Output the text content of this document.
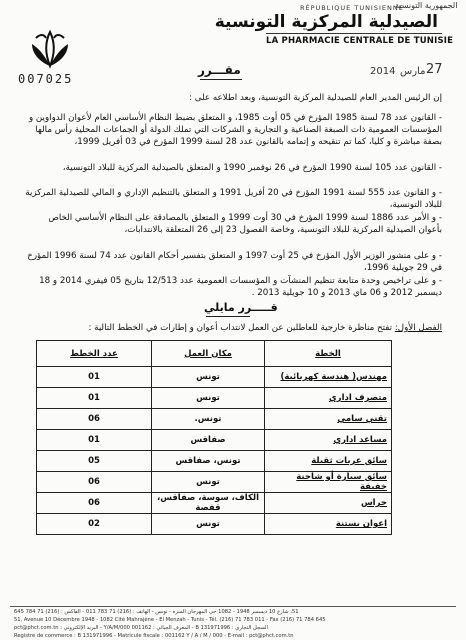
007025
RÉPUBLIQUE TUNISIENNE
الجمهورية التونسية
الصيدلية المركزية التونسية
LA PHARMACIE CENTRALE DE TUNISIE
مقـــرر	2014 مارس 27
إن الرئيس المدير العام للصيدلية المركزية التونسية، وبعد اطلاعه على :
- القانون عدد 78 لسنة 1985 المؤرخ في 05 أوت 1985، و المتعلق بضبط النظام الأساسي العام لأعوان الدواوين و المؤسسات العمومية ذات الصبغة الصناعية و التجارية و الشركات التي تملك الدولة أو الجماعات المحلية رأس مالها بصفة مباشرة و كليا، كما تم تنقيحه و إتمامه بالقانون عدد 28 لسنة 1999 المؤرخ في 03 أفريل 1999،
- القانون عدد 105 لسنة 1990 المؤرخ في 26 نوفمبر 1990 و المتعلق بالصيدلية المركزية للبلاد التونسية،
- و القانون عدد 555 لسنة 1991 المؤرخ في 20 أفريل 1991 و المتعلق بالتنظيم الإداري و المالي للصيدلية المركزية للبلاد التونسية،
- و الأمر عدد 1886 لسنة 1999 المؤرخ في 30 أوت 1999 و المتعلق بالمصادقة على النظام الأساسي الخاص بأعوان الصيدلية المركزية للبلاد التونسية، وخاصة الفصول 23 إلى 26 المتعلقة بالانتدابات،
- و على منشور الوزير الأول المؤرخ في 25 أوت 1997 و المتعلق بتفسير أحكام القانون عدد 74 لسنة 1996 المؤرخ في 29 جويلية 1996،
- و على تراخيص وحدة متابعة تنظيم المنشآت و المؤسسات العمومية عدد 12/513 بتاريخ 05 فيفري 2014 و 18 ديسمبر 2012 و 06 ماي 2013 و 10 جويلية 2013 .
قـــــرر مايلي
الفصل الأول: تفتح مناظرة خارجية للعاطلين عن العمل لانتداب أعوان و إطارات في الخطط التالية :
الخطة	مكان العمل	عدد الخطط
مهندس( هندسة كهربائية)	تونس	01
متصرف اداري	تونس	01
تقني سامي	تونس.	06
مساعد اداري	صفاقس	01
سائق عربات ثقيلة	تونس، صفاقس	05
سائق سيارة أو شاحنة خفيفة	تونس	06
حراس	الكاف، سوسة، صفاقس، قفصة	06
اعوان بستنة	تونس	02
51، شارع 10 ديسمبر 1948 - 1082 حي المهرجان المنزه - تونس - الهاتف : (216) 71 783 011 - الفاكس : (216) 71 784 645
51, Avenue 10 Décembre 1948 - 1082 Cité Mahrajène - El Menzah - Tunis - Tél. (216) 71 783 011 - Fax (216) 71 784 645
السجل التجاري : B 131971996 - المعرف الجبائي : 001162 Y/A/M/000 - البريد الإلكتروني : pct@phct.com.tn
Registre de commerce : B 131971996 - Matricule fiscale : 001162 Y / A / M / 000 - E-mail : pct@phct.com.tn
